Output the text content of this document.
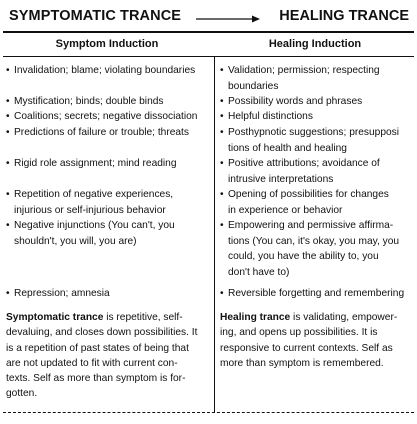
SYMPTOMATIC TRANCE	HEALING TRANCE
Symptom Induction	Healing Induction
• Invalidation; blame; violating boundaries
• Mystification; binds; double binds
• Coalitions; secrets; negative dissociation
• Predictions of failure or trouble; threats
• Rigid role assignment; mind reading
• Repetition of negative experiences,
injurious or self-injurious behavior
• Negative injunctions (You can't, you
shouldn't, you will, you are)
• Repression; amnesia
• Validation; permission; respecting
boundaries
• Possibility words and phrases
• Helpful distinctions
• Posthypnotic suggestions; presupposi
tions of health and healing
• Positive attributions; avoidance of
intrusive interpretations
• Opening of possibilities for changes
in experience or behavior
• Empowering and permissive affirma-
tions (You can, it's okay, you may, you
could, you have the ability to, you
don't have to)
• Reversible forgetting and remembering
Symptomatic trance is repetitive, self-
devaluing, and closes down possibilities. It
is a repetition of past states of being that
are not updated to fit with current con-
texts. Self as more than symptom is for-
gotten.
Healing trance is validating, empower-
ing, and opens up possibilities. It is
responsive to current contexts. Self as
more than symptom is remembered.
